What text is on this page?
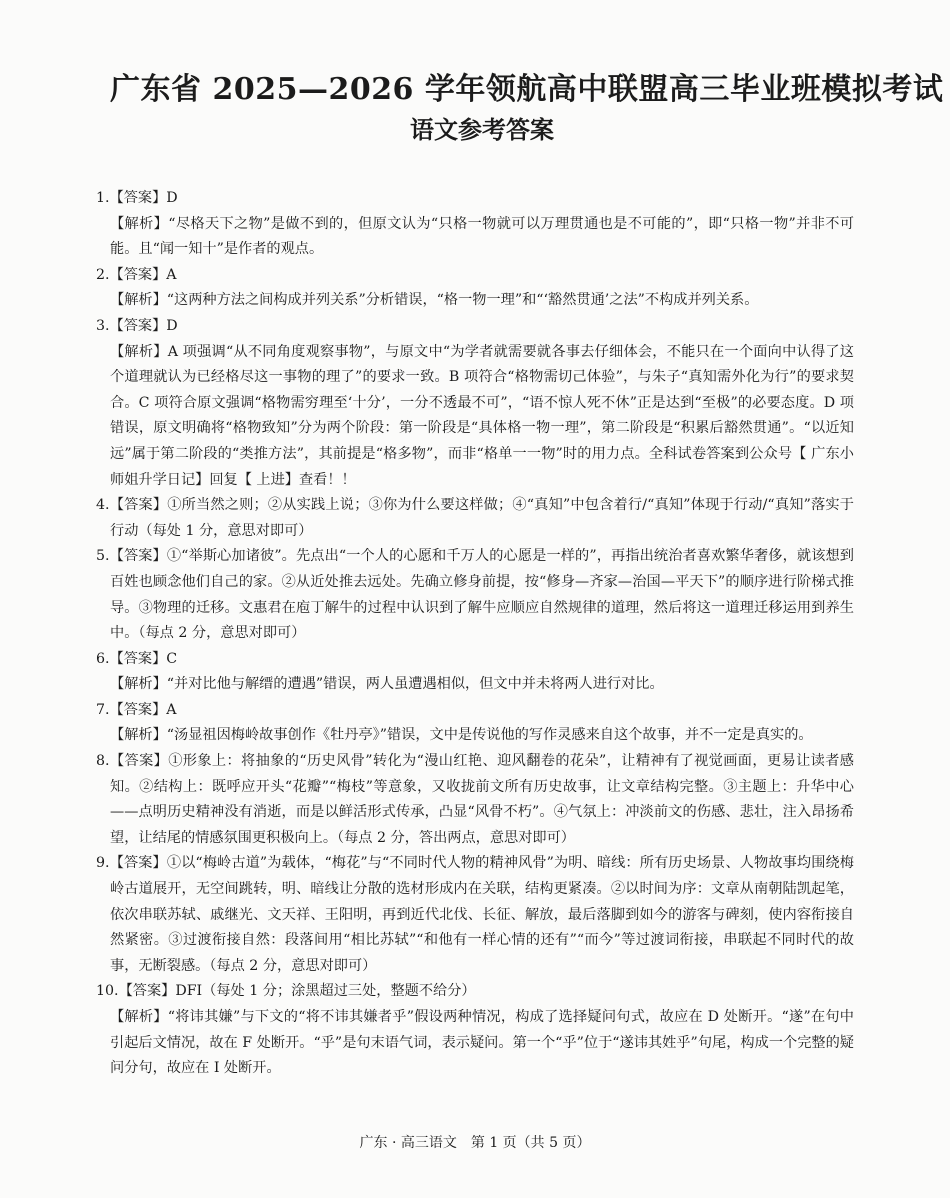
广东省 2025—2026 学年领航高中联盟高三毕业班模拟考试
语文参考答案
1.【答案】D
【解析】“尽格天下之物”是做不到的，但原文认为“只格一物就可以万理贯通也是不可能的”，即“只格一物”并非不可能。且“闻一知十”是作者的观点。
2.【答案】A
【解析】“这两种方法之间构成并列关系”分析错误，“格一物一理”和“‘豁然贯通’之法”不构成并列关系。
3.【答案】D
【解析】A 项强调“从不同角度观察事物”，与原文中“为学者就需要就各事去仔细体会，不能只在一个面向中认得了这个道理就认为已经格尽这一事物的理了”的要求一致。B 项符合“格物需切己体验”，与朱子“真知需外化为行”的要求契合。C 项符合原文强调“格物需穷理至‘十分’，一分不透最不可”，“语不惊人死不休”正是达到“至极”的必要态度。D 项错误，原文明确将“格物致知”分为两个阶段：第一阶段是“具体格一物一理”，第二阶段是“积累后豁然贯通”。“以近知远”属于第二阶段的“类推方法”，其前提是“格多物”，而非“格单一一物”时的用力点。全科试卷答案到公众号【 广东小师姐升学日记】回复【 上进】查看！！
4.【答案】①所当然之则；②从实践上说；③你为什么要这样做；④“真知”中包含着行/“真知”体现于行动/“真知”落实于行动（每处 1 分，意思对即可）
5.【答案】①“举斯心加诸彼”。先点出“一个人的心愿和千万人的心愿是一样的”，再指出统治者喜欢繁华奢侈，就该想到百姓也顾念他们自己的家。②从近处推去远处。先确立修身前提，按“修身—齐家—治国—平天下”的顺序进行阶梯式推导。③物理的迁移。文惠君在庖丁解牛的过程中认识到了解牛应顺应自然规律的道理，然后将这一道理迁移运用到养生中。（每点 2 分，意思对即可）
6.【答案】C
【解析】“并对比他与解缙的遭遇”错误，两人虽遭遇相似，但文中并未将两人进行对比。
7.【答案】A
【解析】“汤显祖因梅岭故事创作《牡丹亭》”错误，文中是传说他的写作灵感来自这个故事，并不一定是真实的。
8.【答案】①形象上：将抽象的“历史风骨”转化为“漫山红艳、迎风翻卷的花朵”，让精神有了视觉画面，更易让读者感知。②结构上：既呼应开头“花瓣”“梅枝”等意象，又收拢前文所有历史故事，让文章结构完整。③主题上：升华中心——点明历史精神没有消逝，而是以鲜活形式传承，凸显“风骨不朽”。④气氛上：冲淡前文的伤感、悲壮，注入昂扬希望，让结尾的情感氛围更积极向上。（每点 2 分，答出两点，意思对即可）
9.【答案】①以“梅岭古道”为载体，“梅花”与“不同时代人物的精神风骨”为明、暗线：所有历史场景、人物故事均围绕梅岭古道展开，无空间跳转，明、暗线让分散的选材形成内在关联，结构更紧凑。②以时间为序：文章从南朝陆凯起笔，依次串联苏轼、戚继光、文天祥、王阳明，再到近代北伐、长征、解放，最后落脚到如今的游客与碑刻，使内容衔接自然紧密。③过渡衔接自然：段落间用“相比苏轼”“和他有一样心情的还有”“而今”等过渡词衔接，串联起不同时代的故事，无断裂感。（每点 2 分，意思对即可）
10.【答案】DFI（每处 1 分；涂黑超过三处，整题不给分）
【解析】“将讳其嫌”与下文的“将不讳其嫌者乎”假设两种情况，构成了选择疑问句式，故应在 D 处断开。“遂”在句中引起后文情况，故在 F 处断开。“乎”是句末语气词，表示疑问。第一个“乎”位于“遂讳其姓乎”句尾，构成一个完整的疑问分句，故应在 I 处断开。
广东 · 高三语文　第 1 页（共 5 页）
